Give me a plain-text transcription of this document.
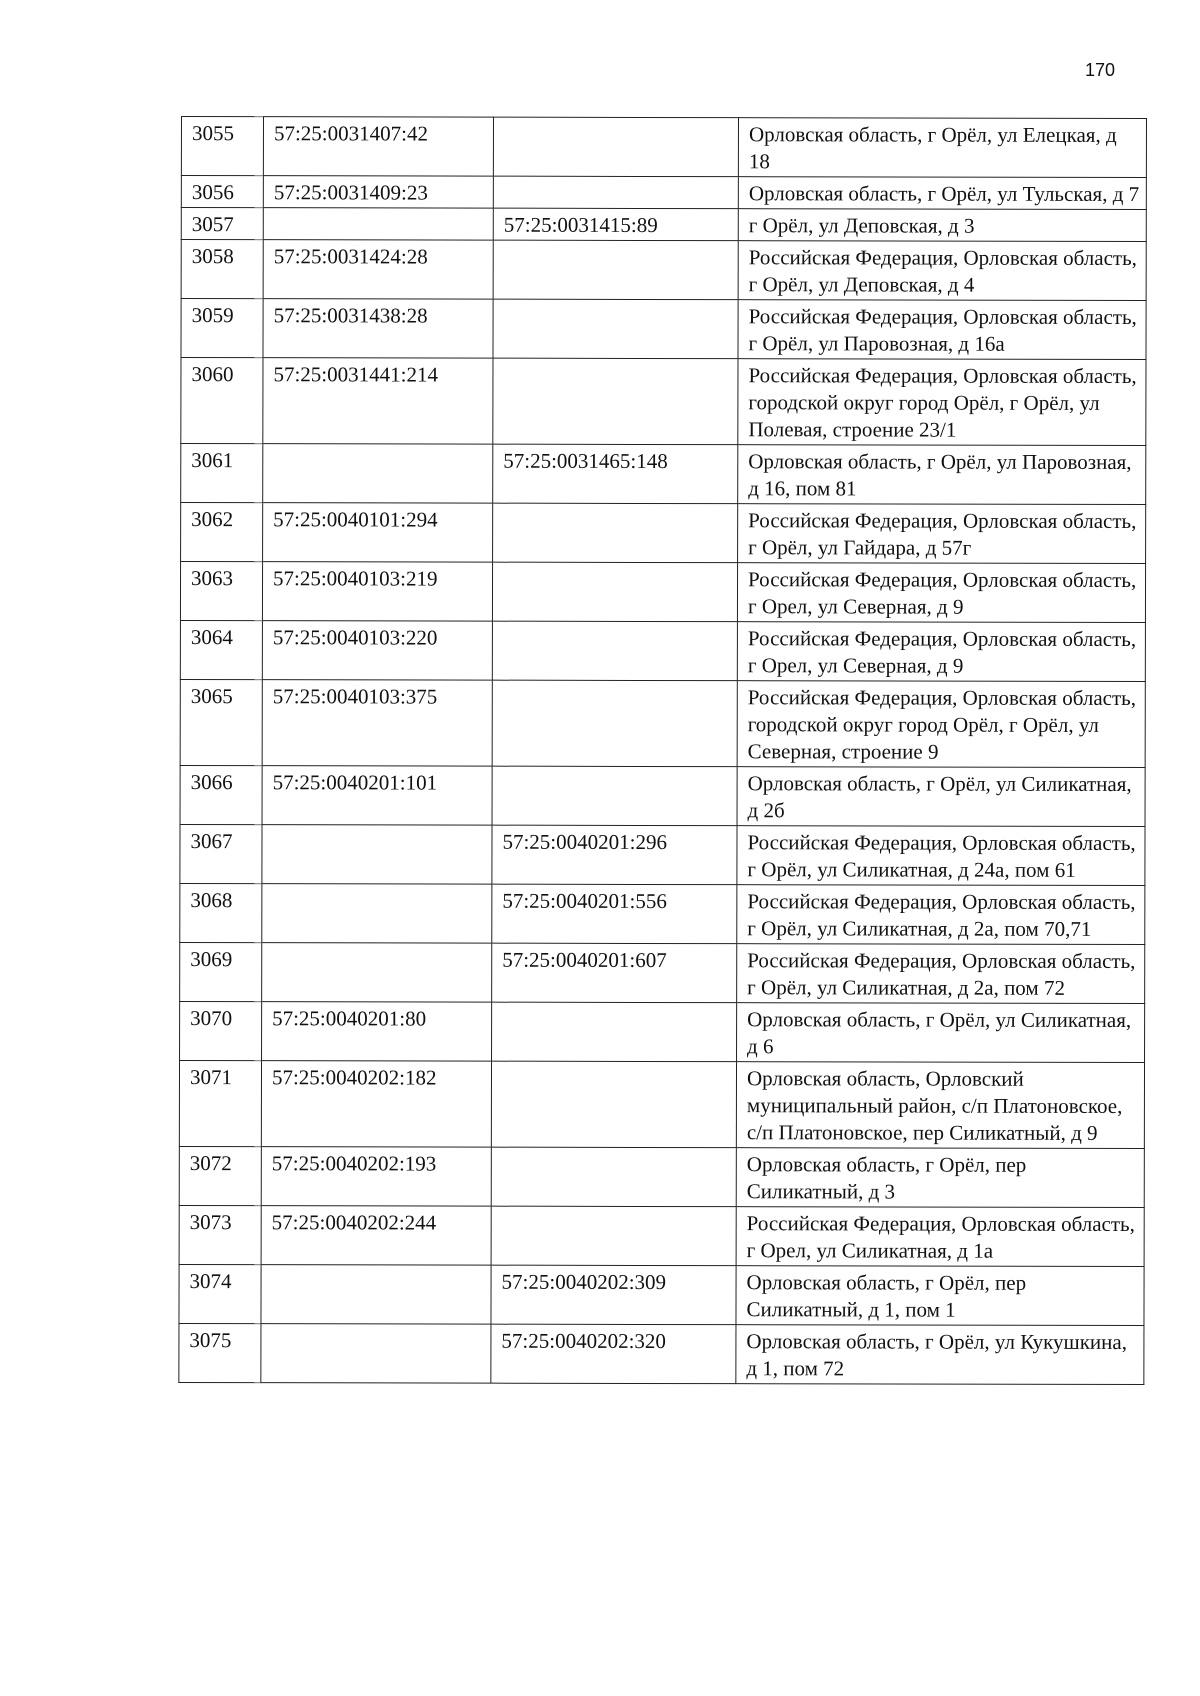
170
3055	57:25:0031407:42		Орловская область, г Орёл, ул Елецкая, д 18
3056	57:25:0031409:23		Орловская область, г Орёл, ул Тульская, д 7
3057		57:25:0031415:89	г Орёл, ул Деповская, д 3
3058	57:25:0031424:28		Российская Федерация, Орловская область, г Орёл, ул Деповская, д 4
3059	57:25:0031438:28		Российская Федерация, Орловская область, г Орёл, ул Паровозная, д 16а
3060	57:25:0031441:214		Российская Федерация, Орловская область, городской округ город Орёл, г Орёл, ул Полевая, строение 23/1
3061		57:25:0031465:148	Орловская область, г Орёл, ул Паровозная, д 16, пом 81
3062	57:25:0040101:294		Российская Федерация, Орловская область, г Орёл, ул Гайдара, д 57г
3063	57:25:0040103:219		Российская Федерация, Орловская область, г Орел, ул Северная, д 9
3064	57:25:0040103:220		Российская Федерация, Орловская область, г Орел, ул Северная, д 9
3065	57:25:0040103:375		Российская Федерация, Орловская область, городской округ город Орёл, г Орёл, ул Северная, строение 9
3066	57:25:0040201:101		Орловская область, г Орёл, ул Силикатная, д 2б
3067		57:25:0040201:296	Российская Федерация, Орловская область, г Орёл, ул Силикатная, д 24а, пом 61
3068		57:25:0040201:556	Российская Федерация, Орловская область, г Орёл, ул Силикатная, д 2а, пом 70,71
3069		57:25:0040201:607	Российская Федерация, Орловская область, г Орёл, ул Силикатная, д 2а, пом 72
3070	57:25:0040201:80		Орловская область, г Орёл, ул Силикатная, д 6
3071	57:25:0040202:182		Орловская область, Орловский муниципальный район, с/п Платоновское, с/п Платоновское, пер Силикатный, д 9
3072	57:25:0040202:193		Орловская область, г Орёл, пер Силикатный, д 3
3073	57:25:0040202:244		Российская Федерация, Орловская область, г Орел, ул Силикатная, д 1а
3074		57:25:0040202:309	Орловская область, г Орёл, пер Силикатный, д 1, пом 1
3075		57:25:0040202:320	Орловская область, г Орёл, ул Кукушкина, д 1, пом 72
